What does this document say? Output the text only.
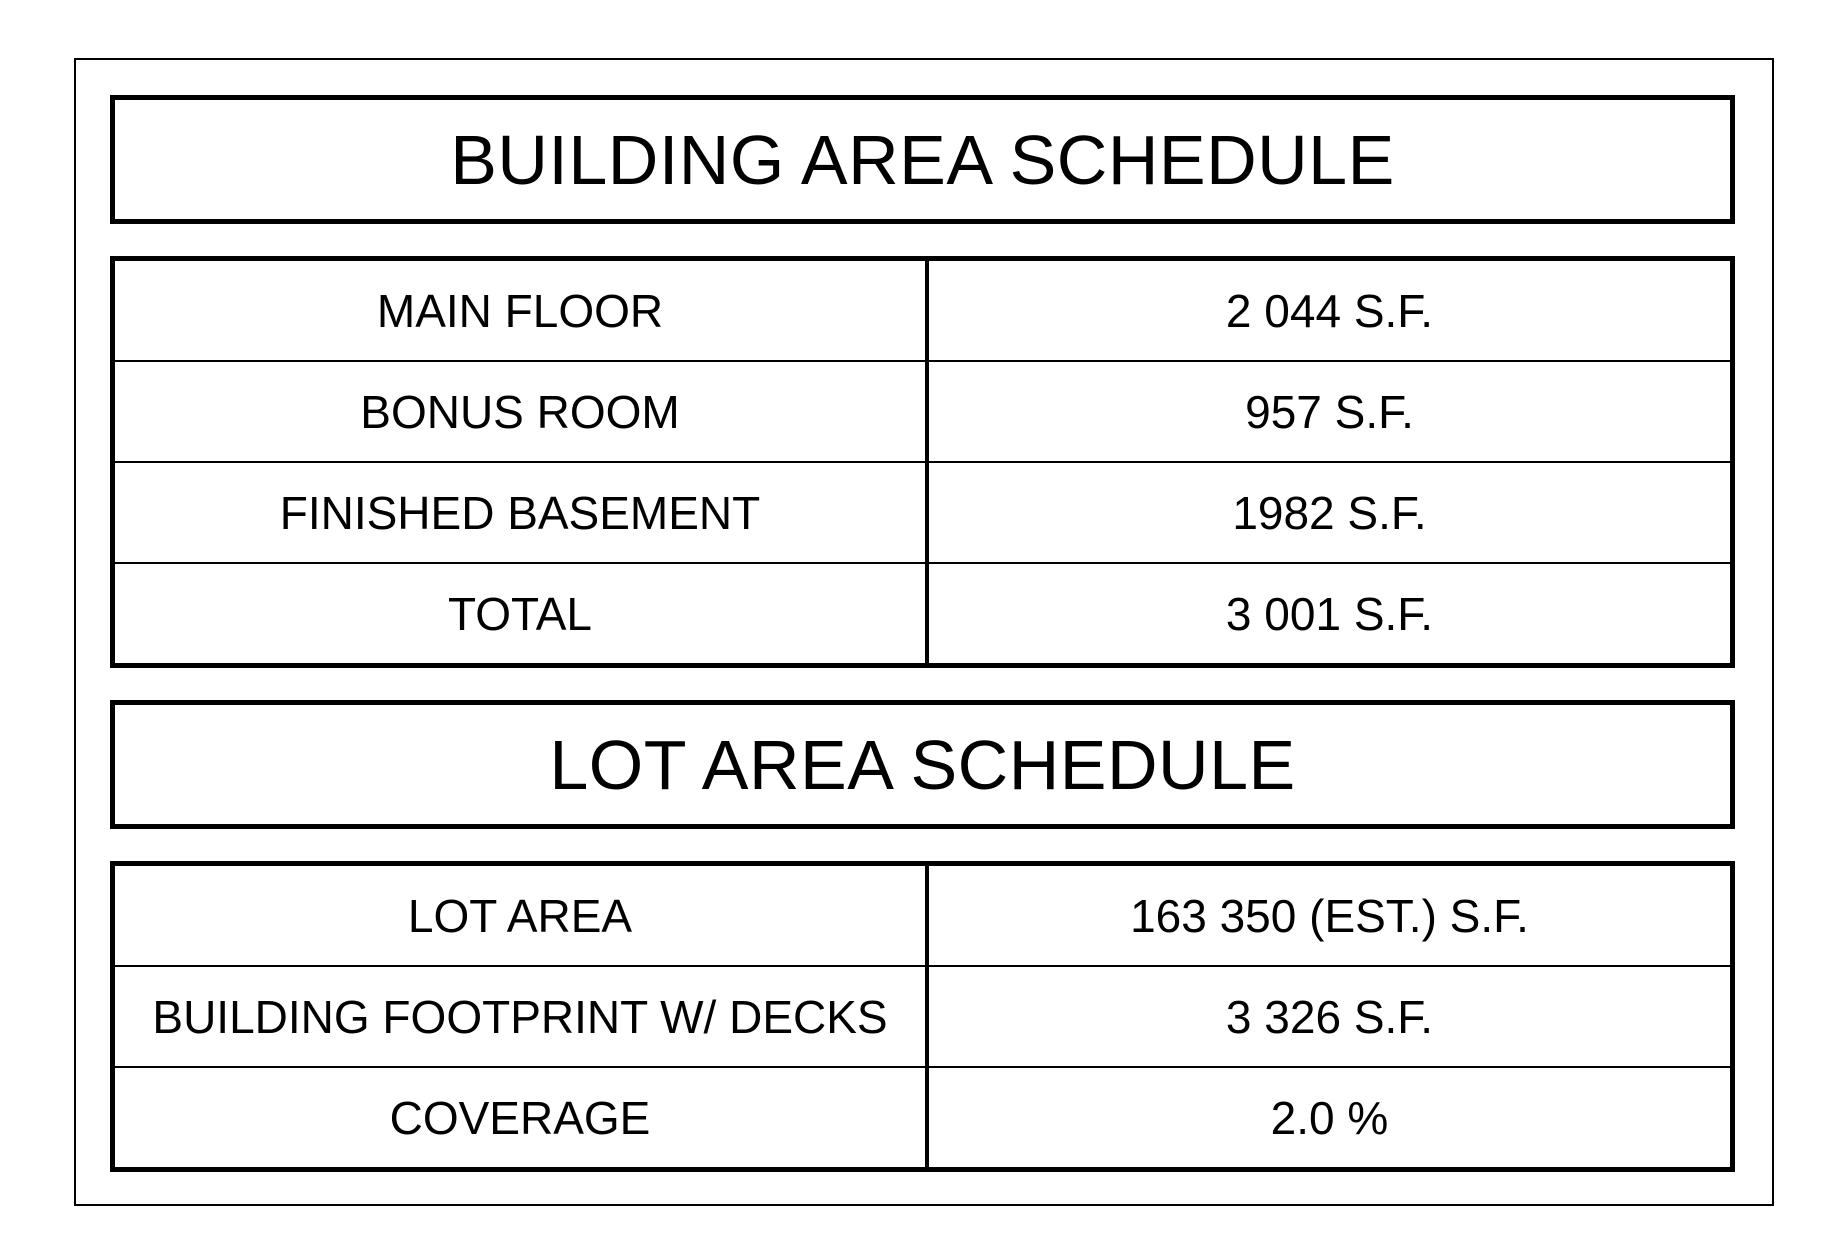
BUILDING AREA SCHEDULE
MAIN FLOOR	2 044 S.F.
BONUS ROOM	957 S.F.
FINISHED BASEMENT	1982 S.F.
TOTAL	3 001 S.F.
LOT AREA SCHEDULE
LOT AREA	163 350 (EST.) S.F.
BUILDING FOOTPRINT W/ DECKS	3 326 S.F.
COVERAGE	2.0 %
